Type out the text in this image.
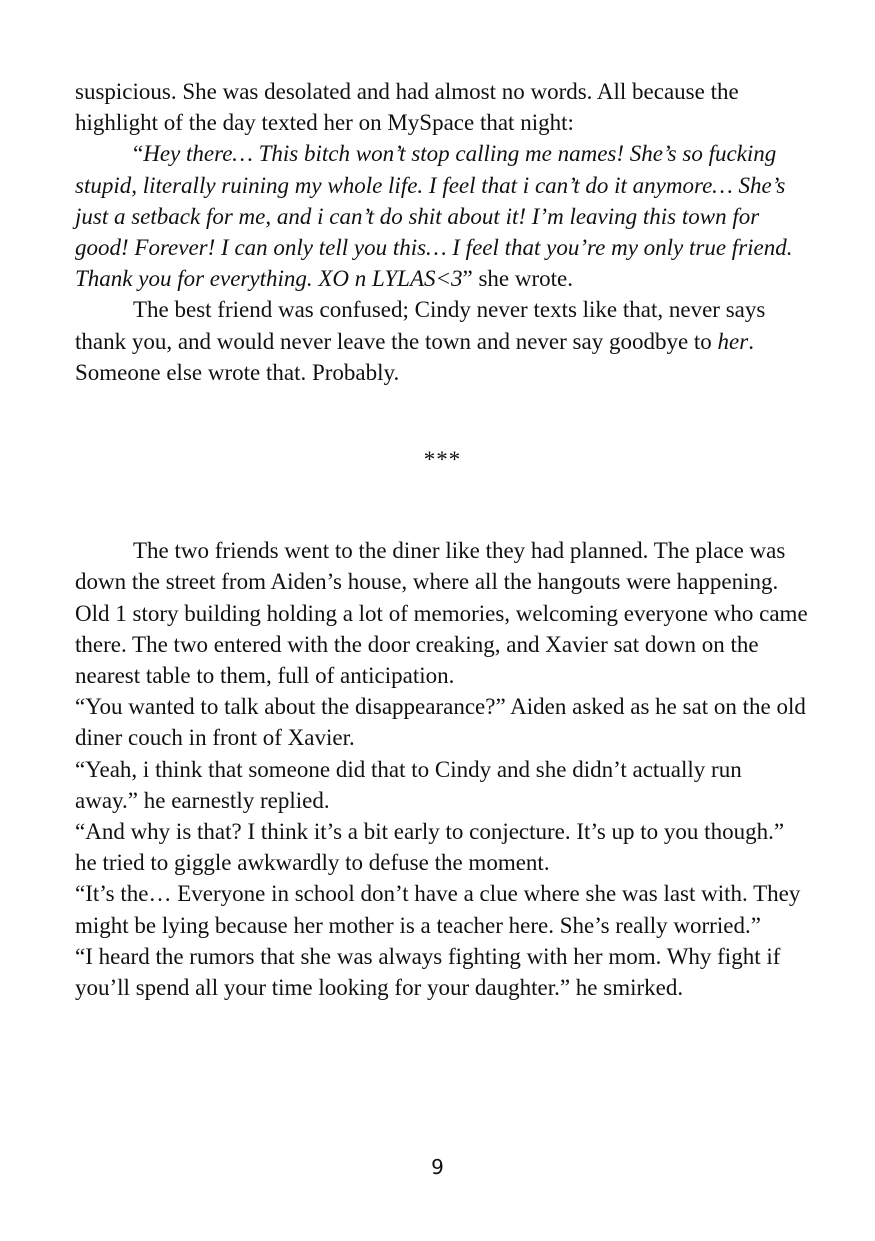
suspicious. She was desolated and had almost no words. All because the highlight of the day texted her on MySpace that night:

“Hey there… This bitch won’t stop calling me names! She’s so fucking stupid, literally ruining my whole life. I feel that i can’t do it anymore… She’s just a setback for me, and i can’t do shit about it! I’m leaving this town for good! Forever! I can only tell you this… I feel that you’re my only true friend. Thank you for everything. XO n LYLAS<3” she wrote.

The best friend was confused; Cindy never texts like that, never says thank you, and would never leave the town and never say goodbye to her. Someone else wrote that. Probably.

***

The two friends went to the diner like they had planned. The place was down the street from Aiden’s house, where all the hangouts were happening. Old 1 story building holding a lot of memories, welcoming everyone who came there. The two entered with the door creaking, and Xavier sat down on the nearest table to them, full of anticipation.

“You wanted to talk about the disappearance?” Aiden asked as he sat on the old diner couch in front of Xavier.

“Yeah, i think that someone did that to Cindy and she didn’t actually run away.” he earnestly replied.

“And why is that? I think it’s a bit early to conjecture. It’s up to you though.” he tried to giggle awkwardly to defuse the moment.

“It’s the… Everyone in school don’t have a clue where she was last with. They might be lying because her mother is a teacher here. She’s really worried.”

“I heard the rumors that she was always fighting with her mom. Why fight if you’ll spend all your time looking for your daughter.” he smirked.

9
